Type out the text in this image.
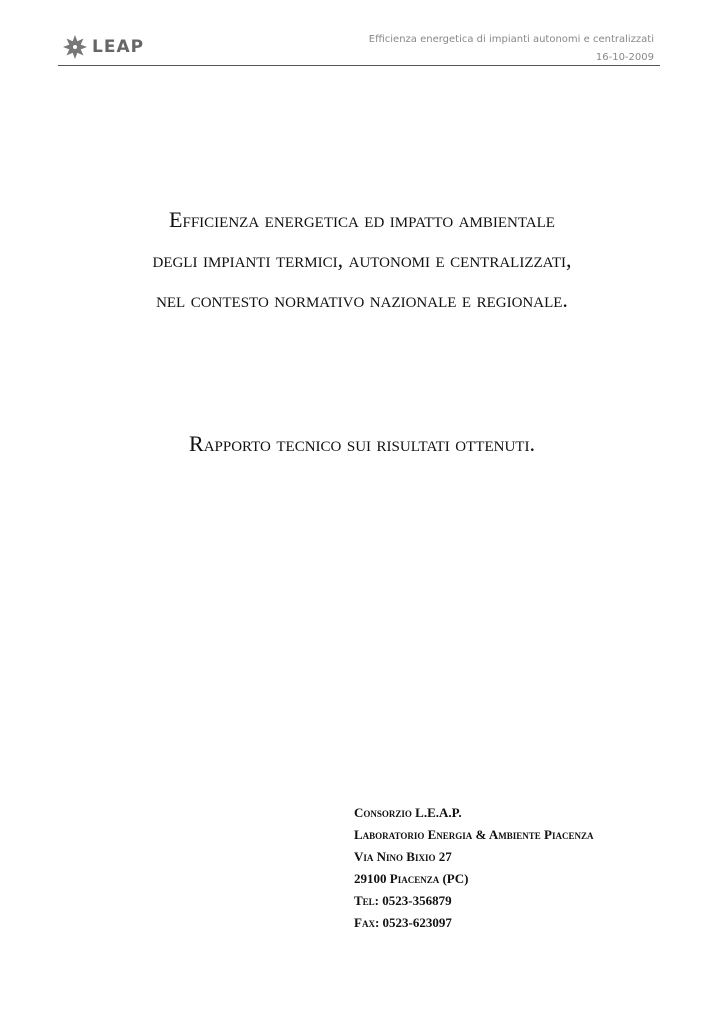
LEAP	Efficienza energetica di impianti autonomi e centralizzati
16-10-2009
Efficienza energetica ed impatto ambientale
degli impianti termici, autonomi e centralizzati,
nel contesto normativo nazionale e regionale.
Rapporto tecnico sui risultati ottenuti.
Consorzio L.E.A.P.
Laboratorio Energia & Ambiente Piacenza
Via Nino Bixio 27
29100 Piacenza (PC)
Tel: 0523-356879
Fax: 0523-623097
